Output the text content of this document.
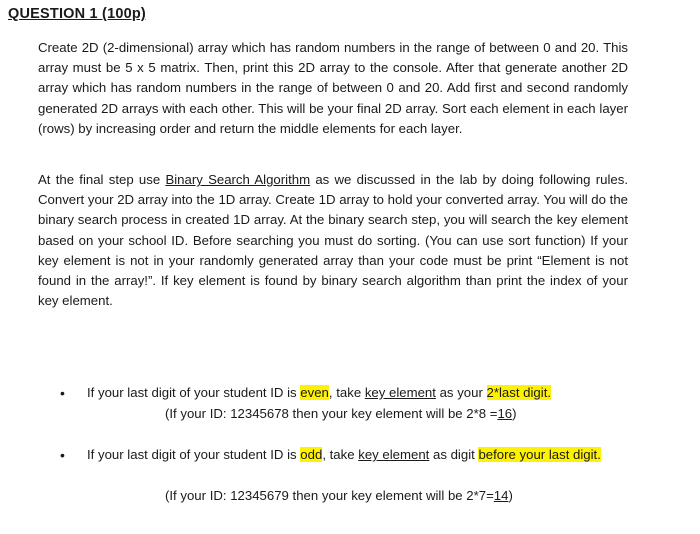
QUESTION 1 (100p)

Create 2D (2-dimensional) array which has random numbers in the range of between 0 and 20. This array must be 5 x 5 matrix. Then, print this 2D array to the console. After that generate another 2D array which has random numbers in the range of between 0 and 20. Add first and second randomly generated 2D arrays with each other. This will be your final 2D array. Sort each element in each layer (rows) by increasing order and return the middle elements for each layer.

At the final step use Binary Search Algorithm as we discussed in the lab by doing following rules. Convert your 2D array into the 1D array. Create 1D array to hold your converted array. You will do the binary search process in created 1D array. At the binary search step, you will search the key element based on your school ID. Before searching you must do sorting. (You can use sort function) If your key element is not in your randomly generated array than your code must be print “Element is not found in the array!”. If key element is found by binary search algorithm than print the index of your key element.

• If your last digit of your student ID is even, take key element as your 2*last digit.
(If your ID: 12345678 then your key element will be 2*8 =16)
• If your last digit of your student ID is odd, take key element as digit before your last digit.
(If your ID: 12345679 then your key element will be 2*7=14)
